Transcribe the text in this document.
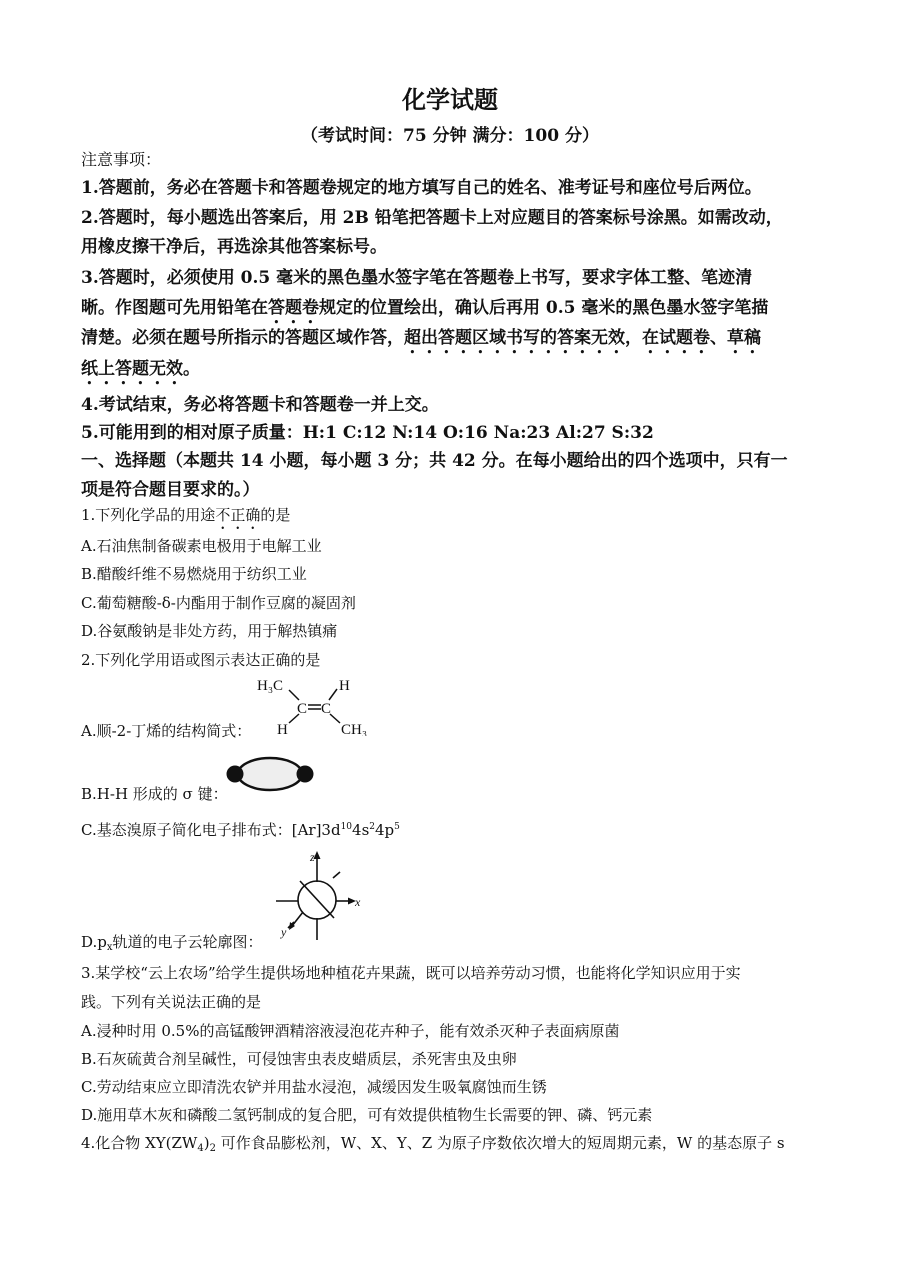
化学试题
（考试时间：75 分钟 满分：100 分）
注意事项：
1.答题前，务必在答题卡和答题卷规定的地方填写自己的姓名、准考证号和座位号后两位。
2.答题时，每小题选出答案后，用 2B 铅笔把答题卡上对应题目的答案标号涂黑。如需改动，
用橡皮擦干净后，再选涂其他答案标号。
3.答题时，必须使用 0.5 毫米的黑色墨水签字笔在答题卷上书写，要求字体工整、笔迹清
晰。作图题可先用铅笔在答题卷规定的位置绘出，确认后再用 0.5 毫米的黑色墨水签字笔描
清楚。必须在题号所指示的答题区域作答，超出答题区域书写的答案无效，在试题卷、草稿
纸上答题无效。
4.考试结束，务必将答题卡和答题卷一并上交。
5.可能用到的相对原子质量：H:1 C:12 N:14 O:16 Na:23 Al:27 S:32
一、选择题（本题共 14 小题，每小题 3 分；共 42 分。在每小题给出的四个选项中，只有一
项是符合题目要求的。）
1.下列化学品的用途不正确的是
A.石油焦制备碳素电极用于电解工业
B.醋酸纤维不易燃烧用于纺织工业
C.葡萄糖酸-δ-内酯用于制作豆腐的凝固剂
D.谷氨酸钠是非处方药，用于解热镇痛
2.下列化学用语或图示表达正确的是
A.顺-2-丁烯的结构简式：
H₃C	H
C C
H	CH₃
B.H-H 形成的 σ 键：
C.基态溴原子简化电子排布式：$[Ar]3d^{10}4s^24p^5$
z
x
y
$D.p_x$轨道的电子云轮廓图：
3.某学校“云上农场”给学生提供场地种植花卉果蔬，既可以培养劳动习惯，也能将化学知识应用于实
践。下列有关说法正确的是
A.浸种时用 0.5%的高锰酸钾酒精溶液浸泡花卉种子，能有效杀灭种子表面病原菌
B.石灰硫黄合剂呈碱性，可侵蚀害虫表皮蜡质层，杀死害虫及虫卵
C.劳动结束应立即清洗农铲并用盐水浸泡，减缓因发生吸氧腐蚀而生锈
D.施用草木灰和磷酸二氢钙制成的复合肥，可有效提供植物生长需要的钾、磷、钙元素
4.化合物 $XY(ZW_4)_2$ 可作食品膨松剂，W、X、Y、Z 为原子序数依次增大的短周期元素，W 的基态原子 s
